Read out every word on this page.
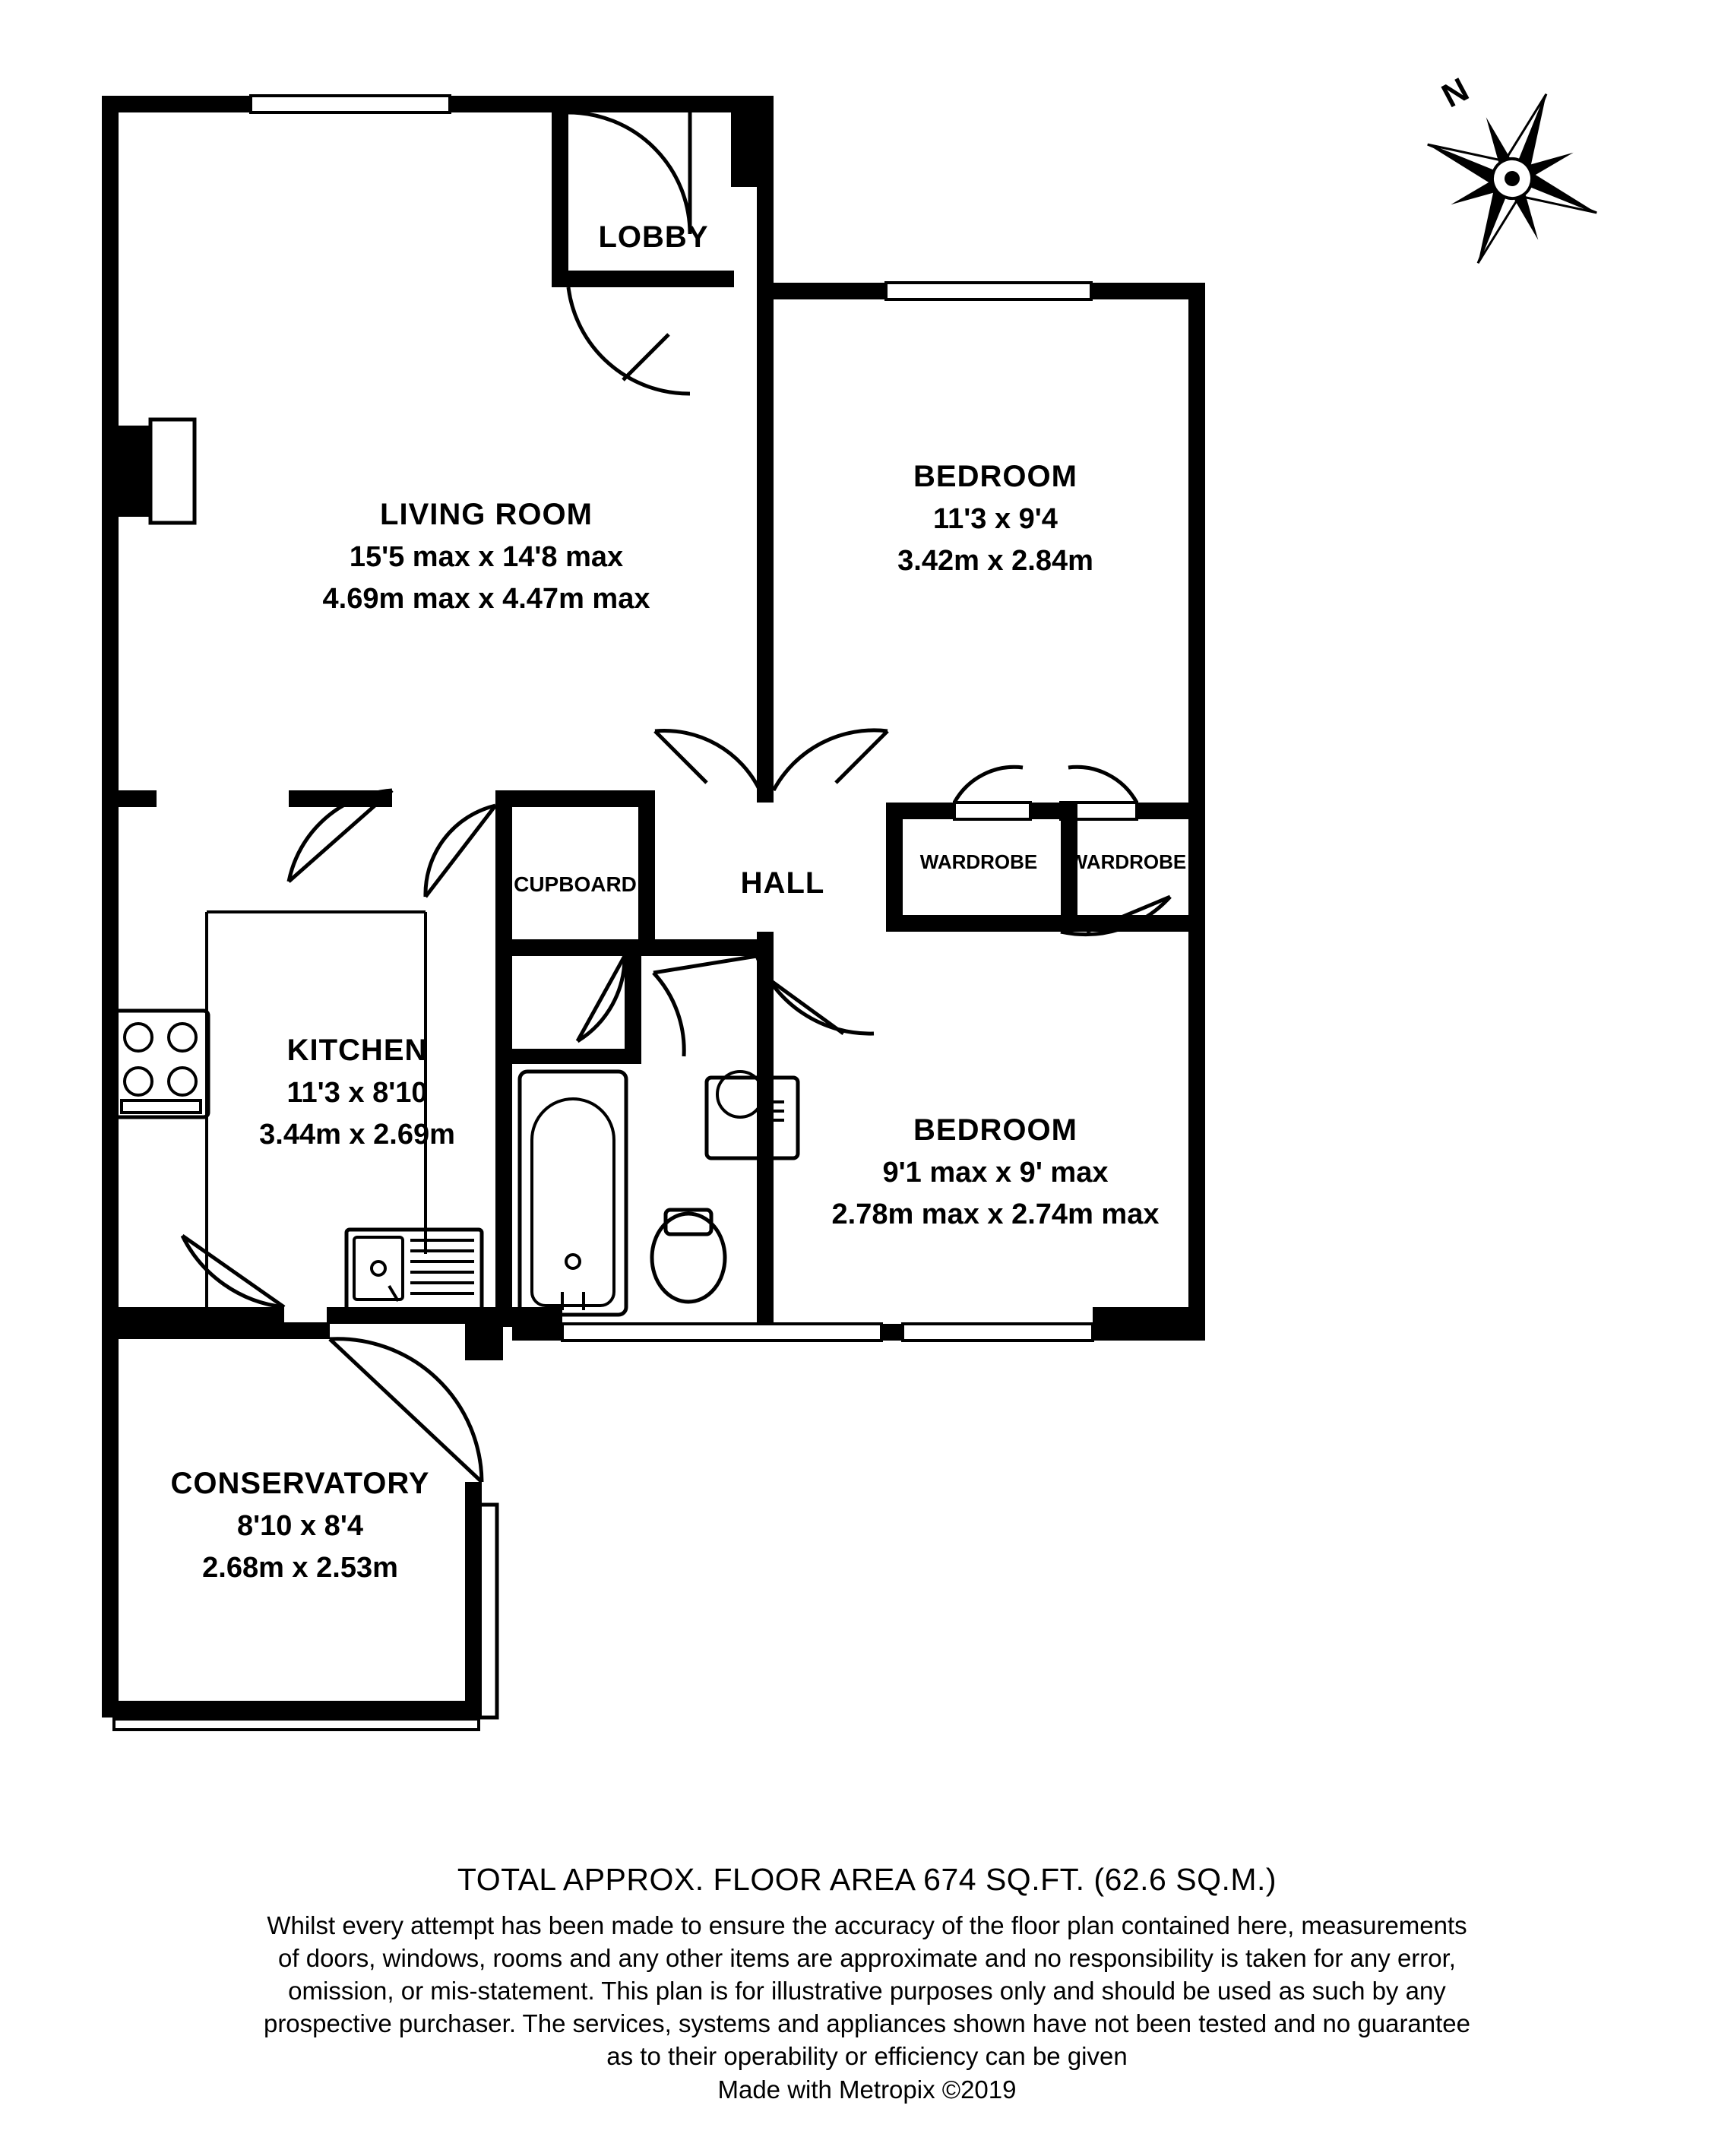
N
LOBBY
LIVING ROOM
15'5 max x 14'8 max
4.69m max x 4.47m max
BEDROOM
11'3 x 9'4
3.42m x 2.84m
HALL
KITCHEN
11'3 x 8'10
3.44m x 2.69m	BEDROOM
9'1 max x 9' max
2.78m max x 2.74m max
CONSERVATORY
8'10 x 8'4
2.68m x 2.53m
CUPBOARD
WARDROBE WARDROBE
TOTAL APPROX. FLOOR AREA 674 SQ.FT. (62.6 SQ.M.)
Whilst every attempt has been made to ensure the accuracy of the floor plan contained here, measurements
of doors, windows, rooms and any other items are approximate and no responsibility is taken for any error,
omission, or mis-statement. This plan is for illustrative purposes only and should be used as such by any
prospective purchaser. The services, systems and appliances shown have not been tested and no guarantee
as to their operability or efficiency can be given
Made with Metropix ©2019
